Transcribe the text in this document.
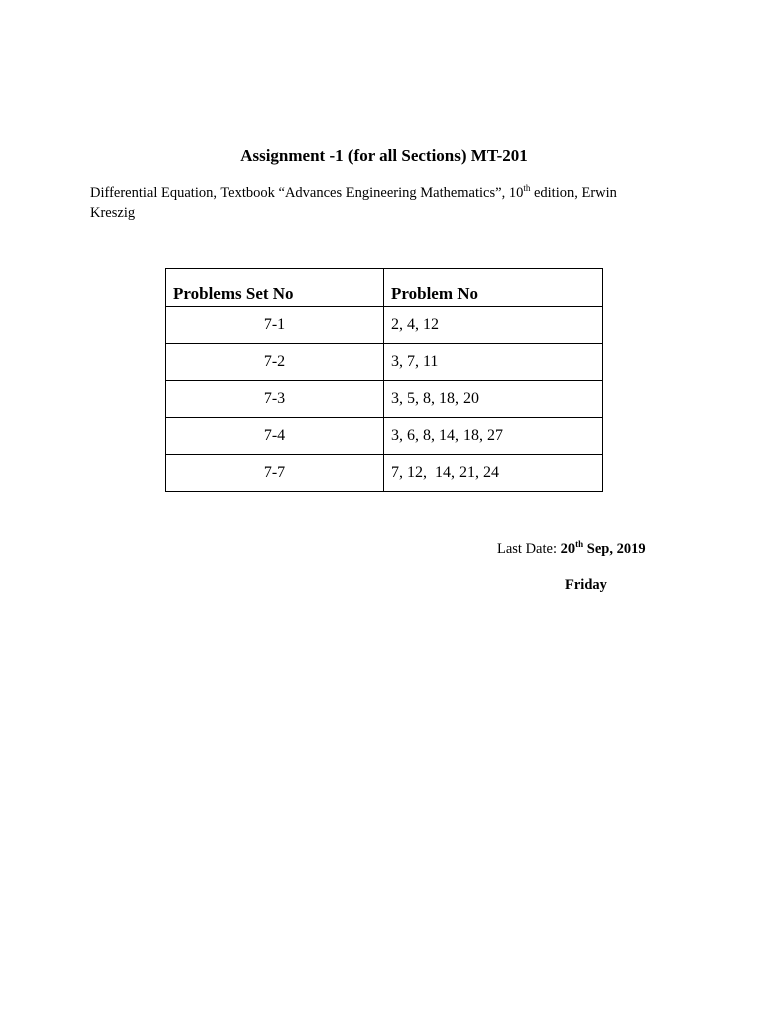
Assignment -1 (for all Sections) MT-201

Differential Equation, Textbook “Advances Engineering Mathematics”, 10th edition, Erwin
Kreszig

Problems Set No	Problem No
7-1	2, 4, 12
7-2	3, 7, 11
7-3	3, 5, 8, 18, 20
7-4	3, 6, 8, 14, 18, 27
7-7	7, 12,  14, 21, 24
Last Date: 20th Sep, 2019
Friday
